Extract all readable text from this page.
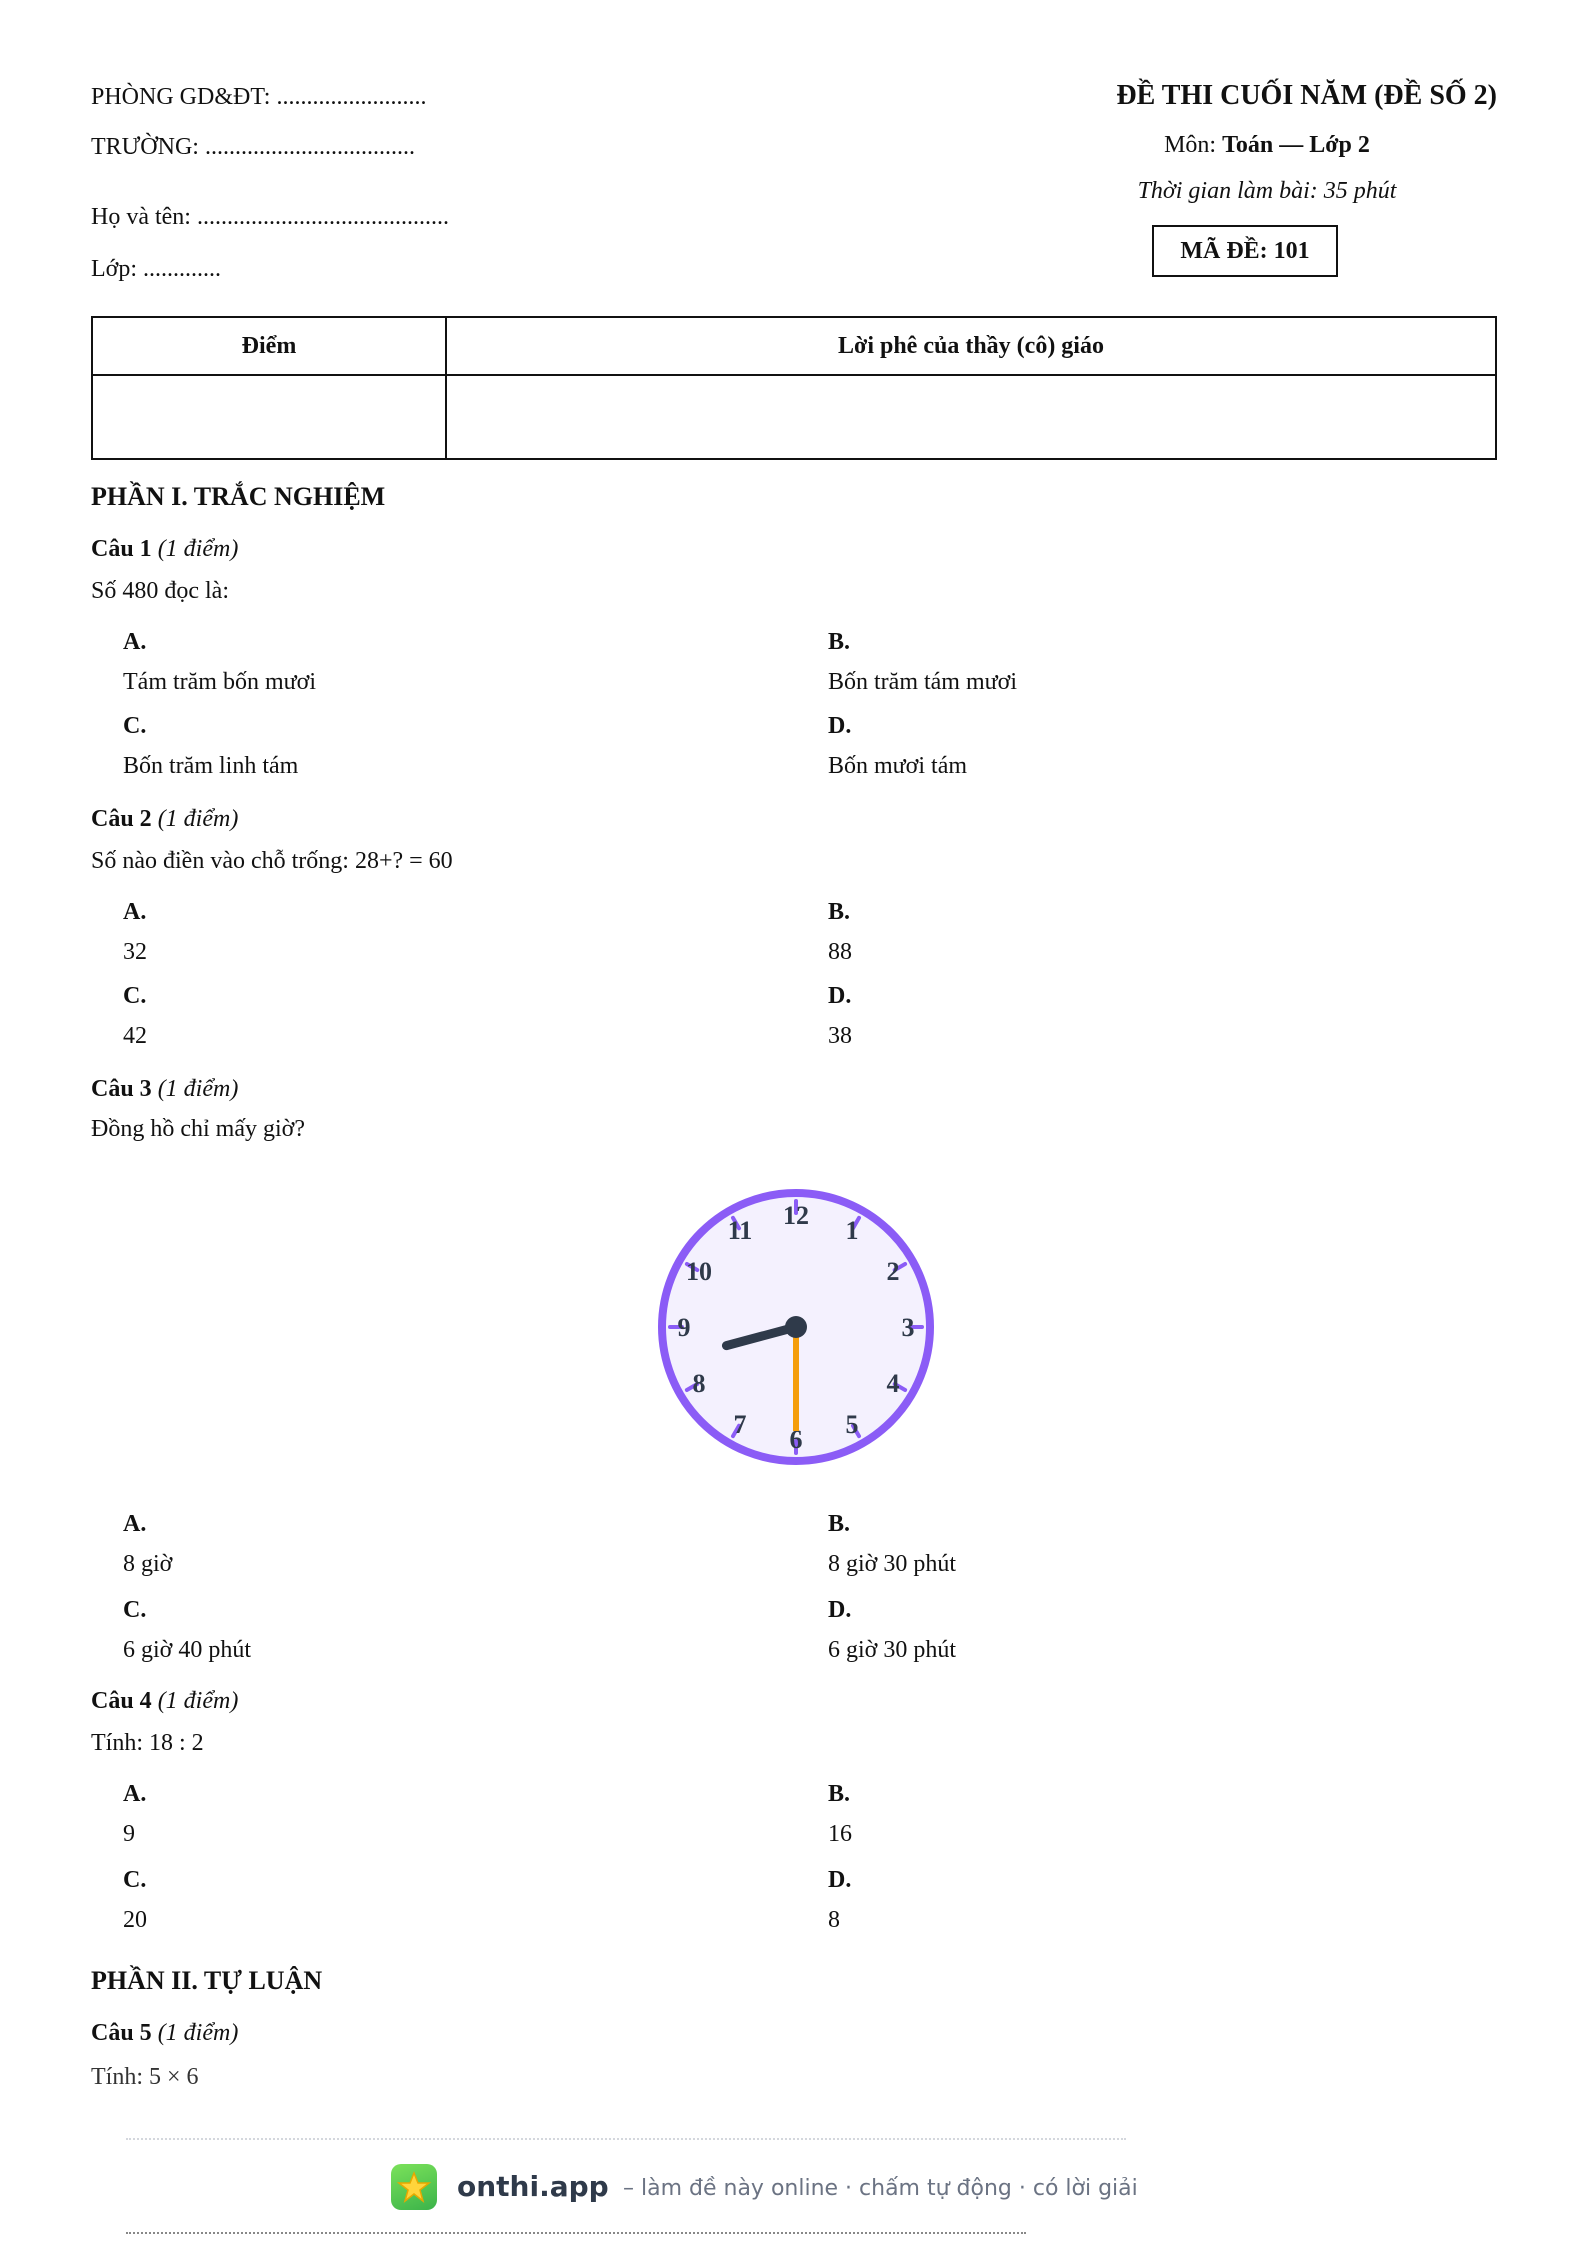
PHÒNG GD&ĐT: .........................
TRƯỜNG: ...................................
Họ và tên: ..........................................
Lớp: .............
ĐỀ THI CUỐI NĂM (ĐỀ SỐ 2)
Môn: Toán — Lớp 2
Thời gian làm bài: 35 phút
MÃ ĐỀ: 101
Điểm	Lời phê của thầy (cô) giáo

PHẦN I. TRẮC NGHIỆM
Câu 1 (1 điểm)
Số 480 đọc là:
A.
Tám trăm bốn mươi
B.
Bốn trăm tám mươi
C.
Bốn trăm linh tám
D.
Bốn mươi tám
Câu 2 (1 điểm)
Số nào điền vào chỗ trống: 28+? = 60
A.
32
B.
88
C.
42
D.
38
Câu 3 (1 điểm)
Đồng hồ chỉ mấy giờ?
12
1
2
3
4
5
6
7
8
9
10
11
A.
8 giờ
B.
8 giờ 30 phút
C.
6 giờ 40 phút
D.
6 giờ 30 phút
Câu 4 (1 điểm)
Tính: 18 : 2
A.
9
B.
16
C.
20
D.
8
PHẦN II. TỰ LUẬN
Câu 5 (1 điểm)
Tính: 5 × 6
onthi.app – làm đề này online · chấm tự động · có lời giải
